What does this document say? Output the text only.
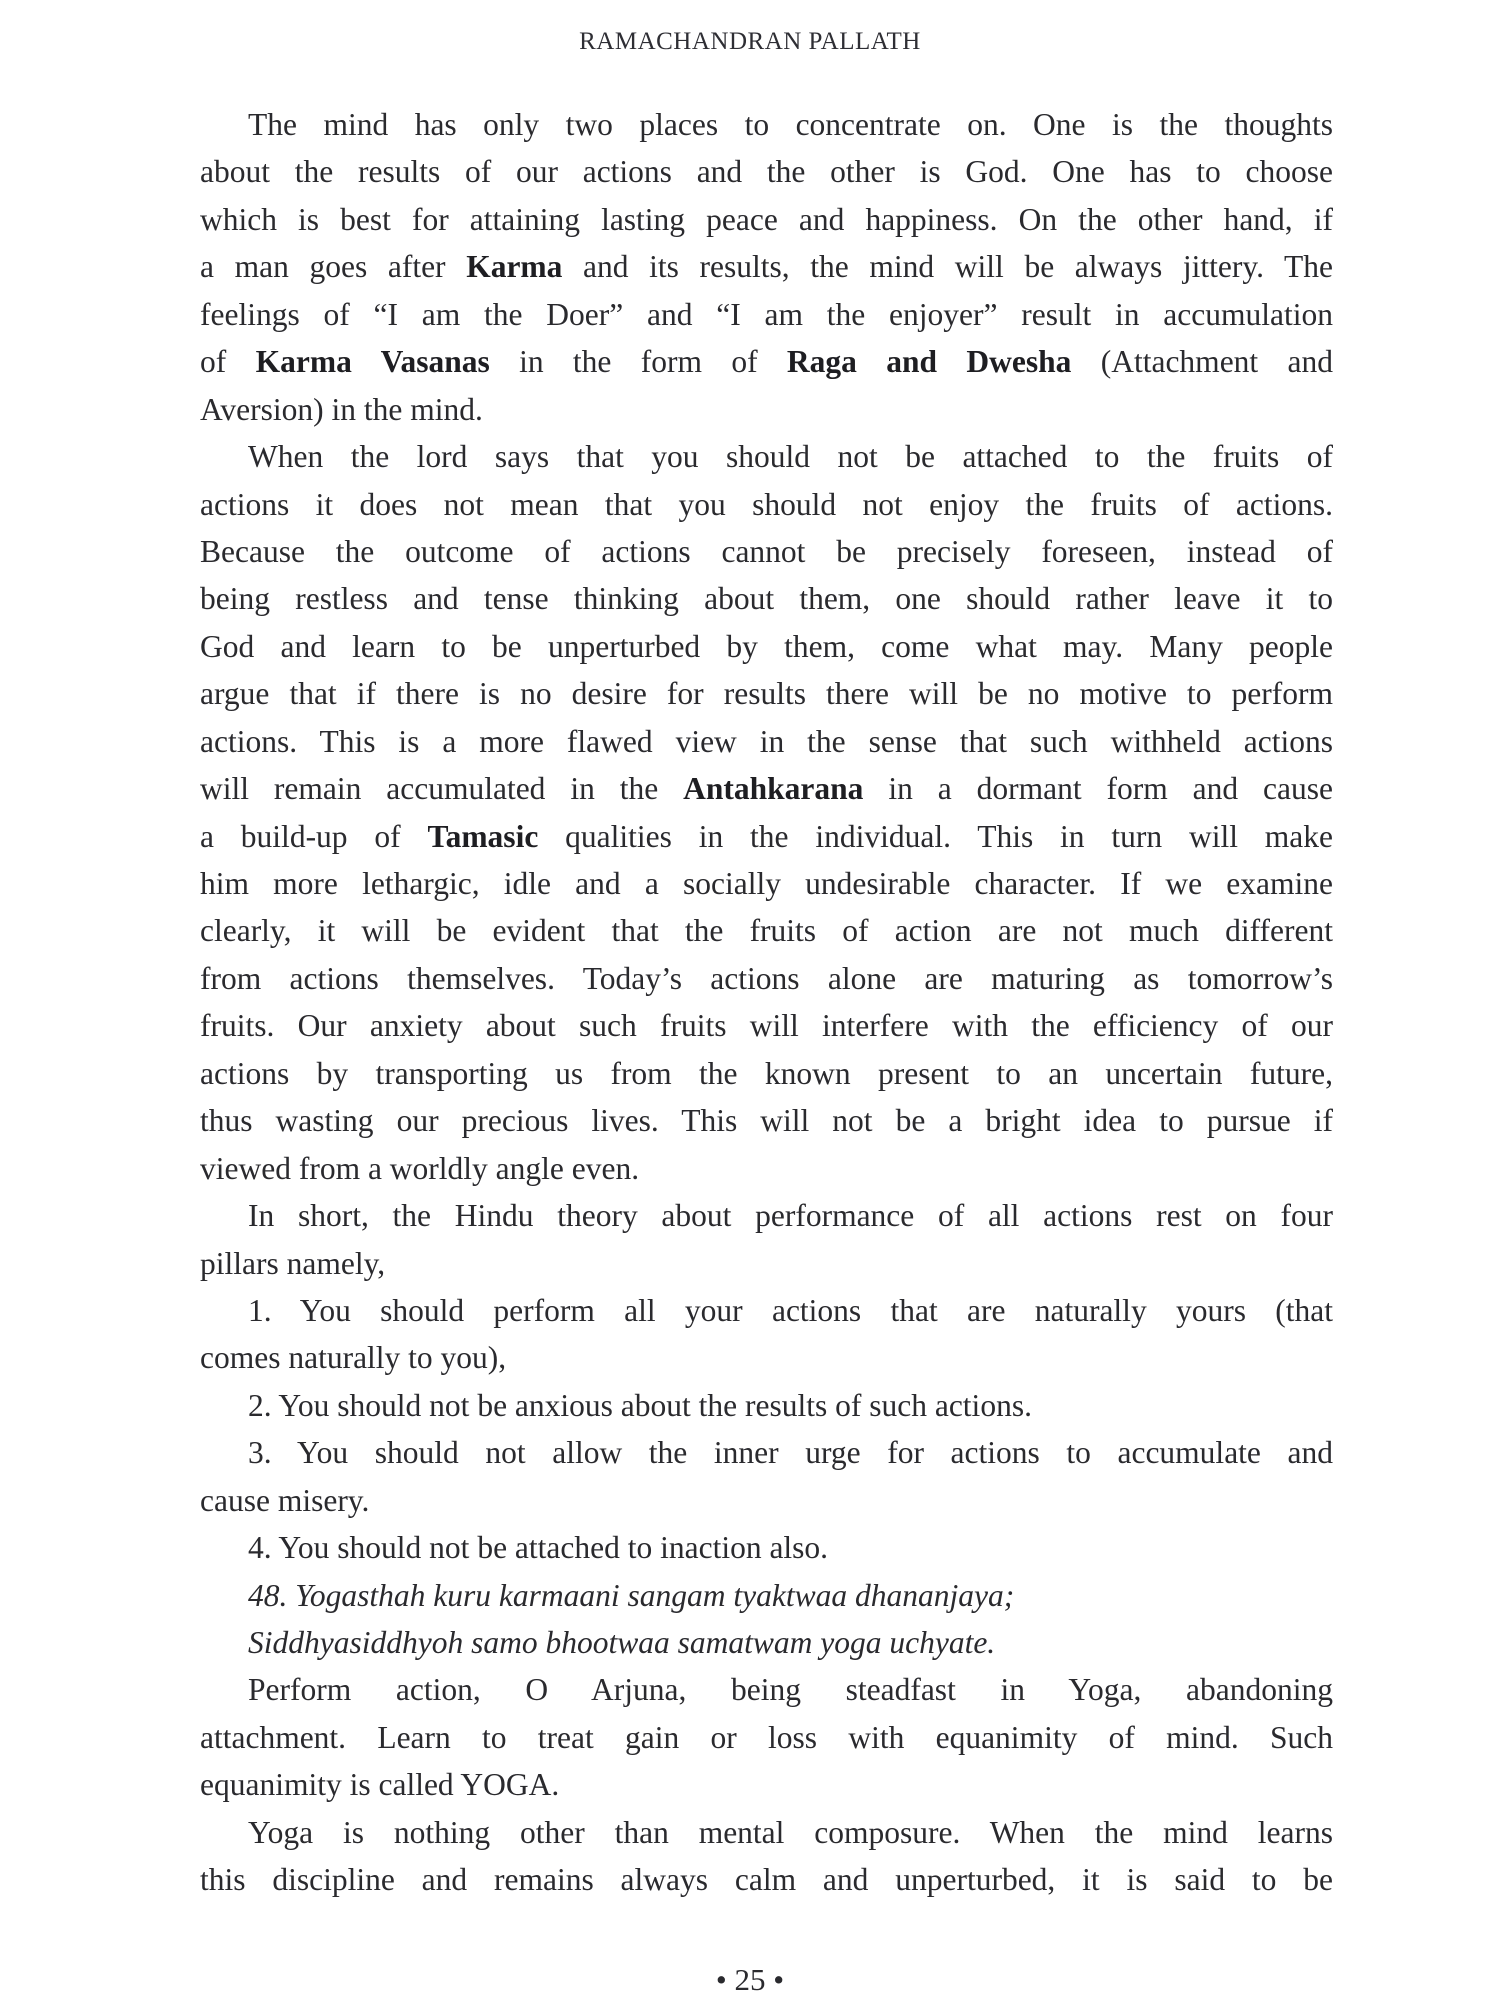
RAMACHANDRAN PALLATH
The mind has only two places to concentrate on. One is the thoughts
about the results of our actions and the other is God. One has to choose
which is best for attaining lasting peace and happiness. On the other hand, if
a man goes after Karma and its results, the mind will be always jittery. The
feelings of “I am the Doer” and “I am the enjoyer” result in accumulation
of Karma Vasanas in the form of Raga and Dwesha (Attachment and
Aversion) in the mind.
When the lord says that you should not be attached to the fruits of
actions it does not mean that you should not enjoy the fruits of actions.
Because the outcome of actions cannot be precisely foreseen, instead of
being restless and tense thinking about them, one should rather leave it to
God and learn to be unperturbed by them, come what may. Many people
argue that if there is no desire for results there will be no motive to perform
actions. This is a more flawed view in the sense that such withheld actions
will remain accumulated in the Antahkarana in a dormant form and cause
a build-up of Tamasic qualities in the individual. This in turn will make
him more lethargic, idle and a socially undesirable character. If we examine
clearly, it will be evident that the fruits of action are not much different
from actions themselves. Today’s actions alone are maturing as tomorrow’s
fruits. Our anxiety about such fruits will interfere with the efficiency of our
actions by transporting us from the known present to an uncertain future,
thus wasting our precious lives. This will not be a bright idea to pursue if
viewed from a worldly angle even.
In short, the Hindu theory about performance of all actions rest on four
pillars namely,
1. You should perform all your actions that are naturally yours (that
comes naturally to you),
2. You should not be anxious about the results of such actions.
3. You should not allow the inner urge for actions to accumulate and
cause misery.
4. You should not be attached to inaction also.
48. Yogasthah kuru karmaani sangam tyaktwaa dhananjaya;
Siddhyasiddhyoh samo bhootwaa samatwam yoga uchyate.
Perform action, O Arjuna, being steadfast in Yoga, abandoning
attachment. Learn to treat gain or loss with equanimity of mind. Such
equanimity is called YOGA.
Yoga is nothing other than mental composure. When the mind learns
this discipline and remains always calm and unperturbed, it is said to be
• 25 •
